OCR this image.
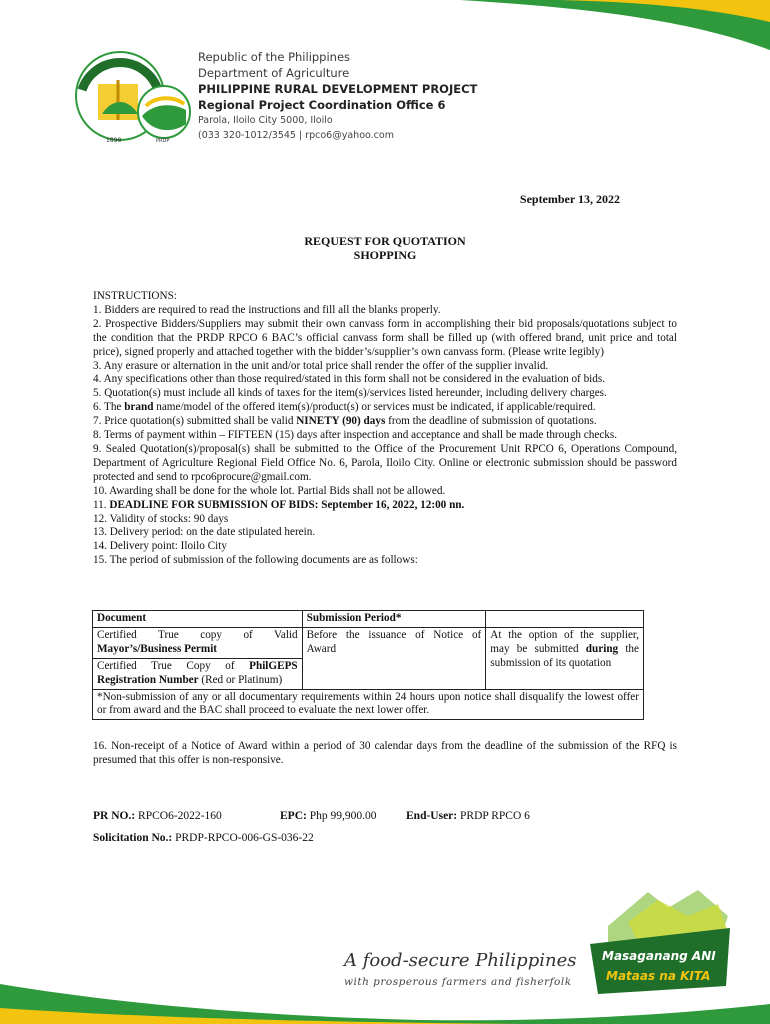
1898	PRDP
Republic of the Philippines
Department of Agriculture
PHILIPPINE RURAL DEVELOPMENT PROJECT
Regional Project Coordination Office 6
Parola, Iloilo City 5000, Iloilo
(033 320-1012/3545 | rpco6@yahoo.com
September 13, 2022
REQUEST FOR QUOTATION
SHOPPING

INSTRUCTIONS:

1. Bidders are required to read the instructions and fill all the blanks properly.

2. Prospective Bidders/Suppliers may submit their own canvass form in accomplishing their bid proposals/quotations subject to the condition that the PRDP RPCO 6 BAC’s official canvass form shall be filled up (with offered brand, unit price and total price), signed properly and attached together with the bidder’s/supplier’s own canvass form. (Please write legibly)

3. Any erasure or alternation in the unit and/or total price shall render the offer of the supplier invalid.

4. Any specifications other than those required/stated in this form shall not be considered in the evaluation of bids.

5. Quotation(s) must include all kinds of taxes for the item(s)/services listed hereunder, including delivery charges.

6. The brand name/model of the offered item(s)/product(s) or services must be indicated, if applicable/required.

7. Price quotation(s) submitted shall be valid NINETY (90) days from the deadline of submission of quotations.

8. Terms of payment within – FIFTEEN (15) days after inspection and acceptance and shall be made through checks.

9. Sealed Quotation(s)/proposal(s) shall be submitted to the Office of the Procurement Unit RPCO 6, Operations Compound, Department of Agriculture Regional Field Office No. 6, Parola, Iloilo City. Online or electronic submission should be password protected and send to rpco6procure@gmail.com.

10. Awarding shall be done for the whole lot. Partial Bids shall not be allowed.

11. DEADLINE FOR SUBMISSION OF BIDS: September 16, 2022, 12:00 nn.

12. Validity of stocks: 90 days

13. Delivery period: on the date stipulated herein.

14. Delivery point: Iloilo City

15. The period of submission of the following documents are as follows:

Document	Submission Period*	
Certified True copy of Valid Mayor’s/Business Permit	Before the issuance of Notice of Award	At the option of the supplier, may be submitted during the submission of its quotation
Certified True Copy of PhilGEPS Registration Number (Red or Platinum)		
*Non-submission of any or all documentary requirements within 24 hours upon notice shall disqualify the lowest offer or from award and the BAC shall proceed to evaluate the next lower offer.		
16. Non-receipt of a Notice of Award within a period of 30 calendar days from the deadline of the submission of the RFQ is presumed that this offer is non-responsive.
PR NO.: RPCO6-2022-160	EPC: Php 99,900.00	End-User: PRDP RPCO 6
Solicitation No.: PRDP-RPCO-006-GS-036-22
A food-secure Philippines
with prosperous farmers and fisherfolk
Masaganang ANI
Mataas na KITA
